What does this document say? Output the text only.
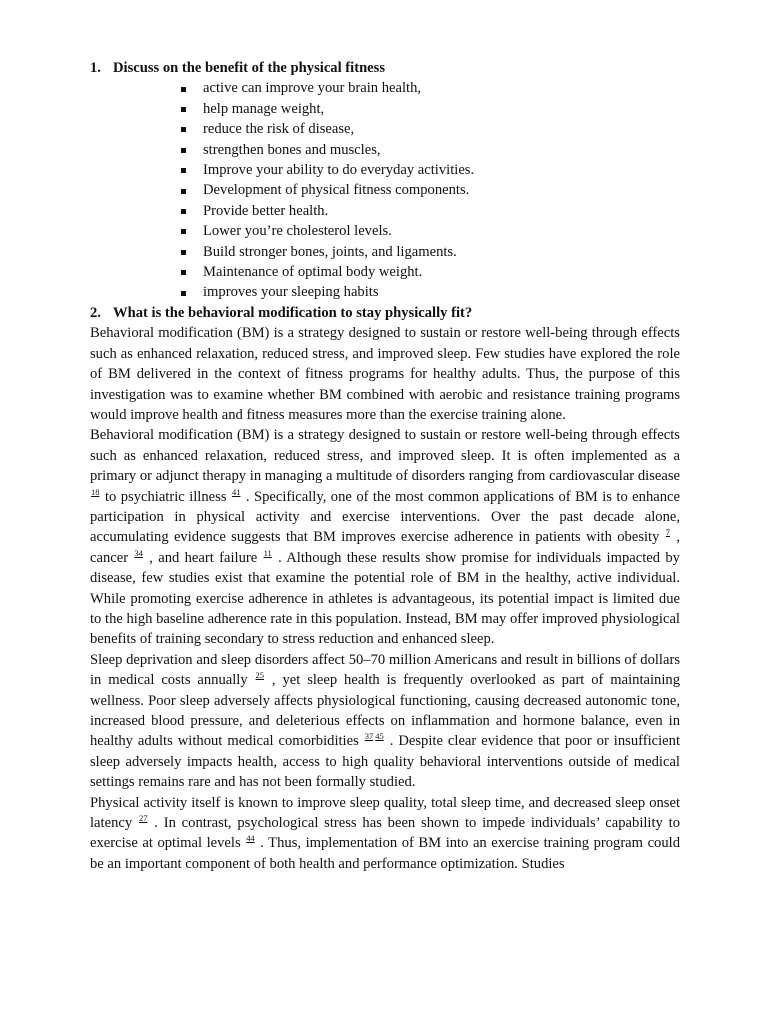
1. Discuss on the benefit of the physical fitness
active can improve your brain health,
help manage weight,
reduce the risk of disease,
strengthen bones and muscles,
Improve your ability to do everyday activities.
Development of physical fitness components.
Provide better health.
Lower you’re cholesterol levels.
Build stronger bones, joints, and ligaments.
Maintenance of optimal body weight.
improves your sleeping habits
2. What is the behavioral modification to stay physically fit?

Behavioral modification (BM) is a strategy designed to sustain or restore well-being through effects such as enhanced relaxation, reduced stress, and improved sleep. Few studies have explored the role of BM delivered in the context of fitness programs for healthy adults. Thus, the purpose of this investigation was to examine whether BM combined with aerobic and resistance training programs would improve health and fitness measures more than the exercise training alone.

Behavioral modification (BM) is a strategy designed to sustain or restore well-being through effects such as enhanced relaxation, reduced stress, and improved sleep. It is often implemented as a primary or adjunct therapy in managing a multitude of disorders ranging from cardiovascular disease $^{18}$ to psychiatric illness $^{41}$ . Specifically, one of the most common applications of BM is to enhance participation in physical activity and exercise interventions. Over the past decade alone, accumulating evidence suggests that BM improves exercise adherence in patients with obesity $^7$ , cancer $^{34}$ , and heart failure $^{11}$ . Although these results show promise for individuals impacted by disease, few studies exist that examine the potential role of BM in the healthy, active individual. While promoting exercise adherence in athletes is advantageous, its potential impact is limited due to the high baseline adherence rate in this population. Instead, BM may offer improved physiological benefits of training secondary to stress reduction and enhanced sleep.

Sleep deprivation and sleep disorders affect 50–70 million Americans and result in billions of dollars in medical costs annually $^{25}$ , yet sleep health is frequently overlooked as part of maintaining wellness. Poor sleep adversely affects physiological functioning, causing decreased autonomic tone, increased blood pressure, and deleterious effects on inflammation and hormone balance, even in healthy adults without medical comorbidities $^{37}$ $^{45}$ . Despite clear evidence that poor or insufficient sleep adversely impacts health, access to high quality behavioral interventions outside of medical settings remains rare and has not been formally studied.

Physical activity itself is known to improve sleep quality, total sleep time, and decreased sleep onset latency $^{27}$ . In contrast, psychological stress has been shown to impede individuals’ capability to exercise at optimal levels $^{44}$ . Thus, implementation of BM into an exercise training program could be an important component of both health and performance optimization. Studies
